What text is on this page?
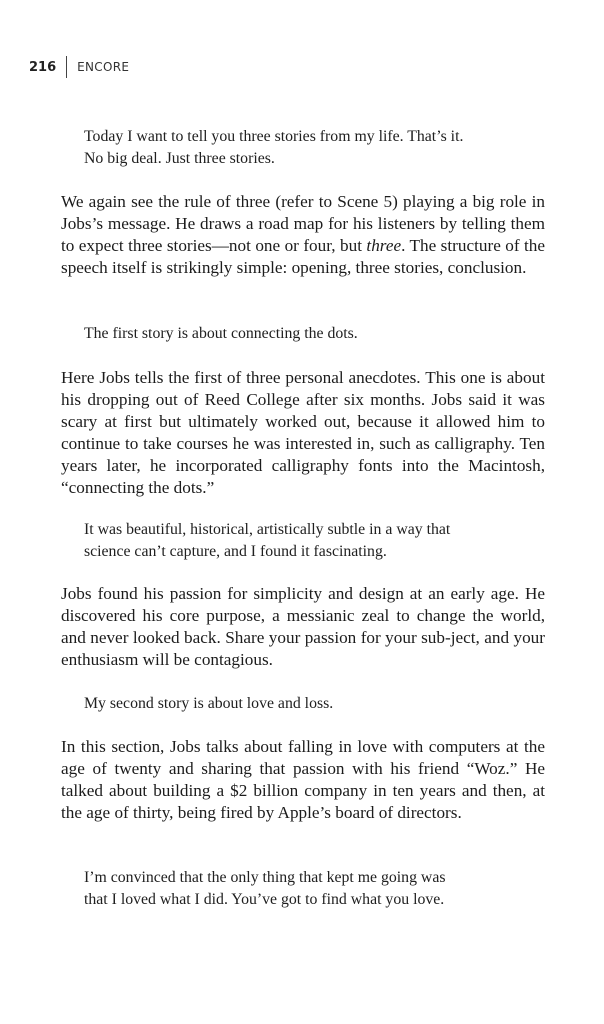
216 ENCORE
Today I want to tell you three stories from my life. That’s it.
No big deal. Just three stories.

We again see the rule of three (refer to Scene 5) playing a big role in Jobs’s message. He draws a road map for his listeners by telling them to expect three stories—not one or four, but three. The structure of the speech itself is strikingly simple: opening, three stories, conclusion.

The first story is about connecting the dots.

Here Jobs tells the first of three personal anecdotes. This one is about his dropping out of Reed College after six months. Jobs said it was scary at first but ultimately worked out, because it allowed him to continue to take courses he was interested in, such as calligraphy. Ten years later, he incorporated calligraphy fonts into the Macintosh, “connecting the dots.”

It was beautiful, historical, artistically subtle in a way that
science can’t capture, and I found it fascinating.

Jobs found his passion for simplicity and design at an early age. He discovered his core purpose, a messianic zeal to change the world, and never looked back. Share your passion for your sub-ject, and your enthusiasm will be contagious.

My second story is about love and loss.

In this section, Jobs talks about falling in love with computers at the age of twenty and sharing that passion with his friend “Woz.” He talked about building a $2 billion company in ten years and then, at the age of thirty, being fired by Apple’s board of directors.

I’m convinced that the only thing that kept me going was
that I loved what I did. You’ve got to find what you love.
